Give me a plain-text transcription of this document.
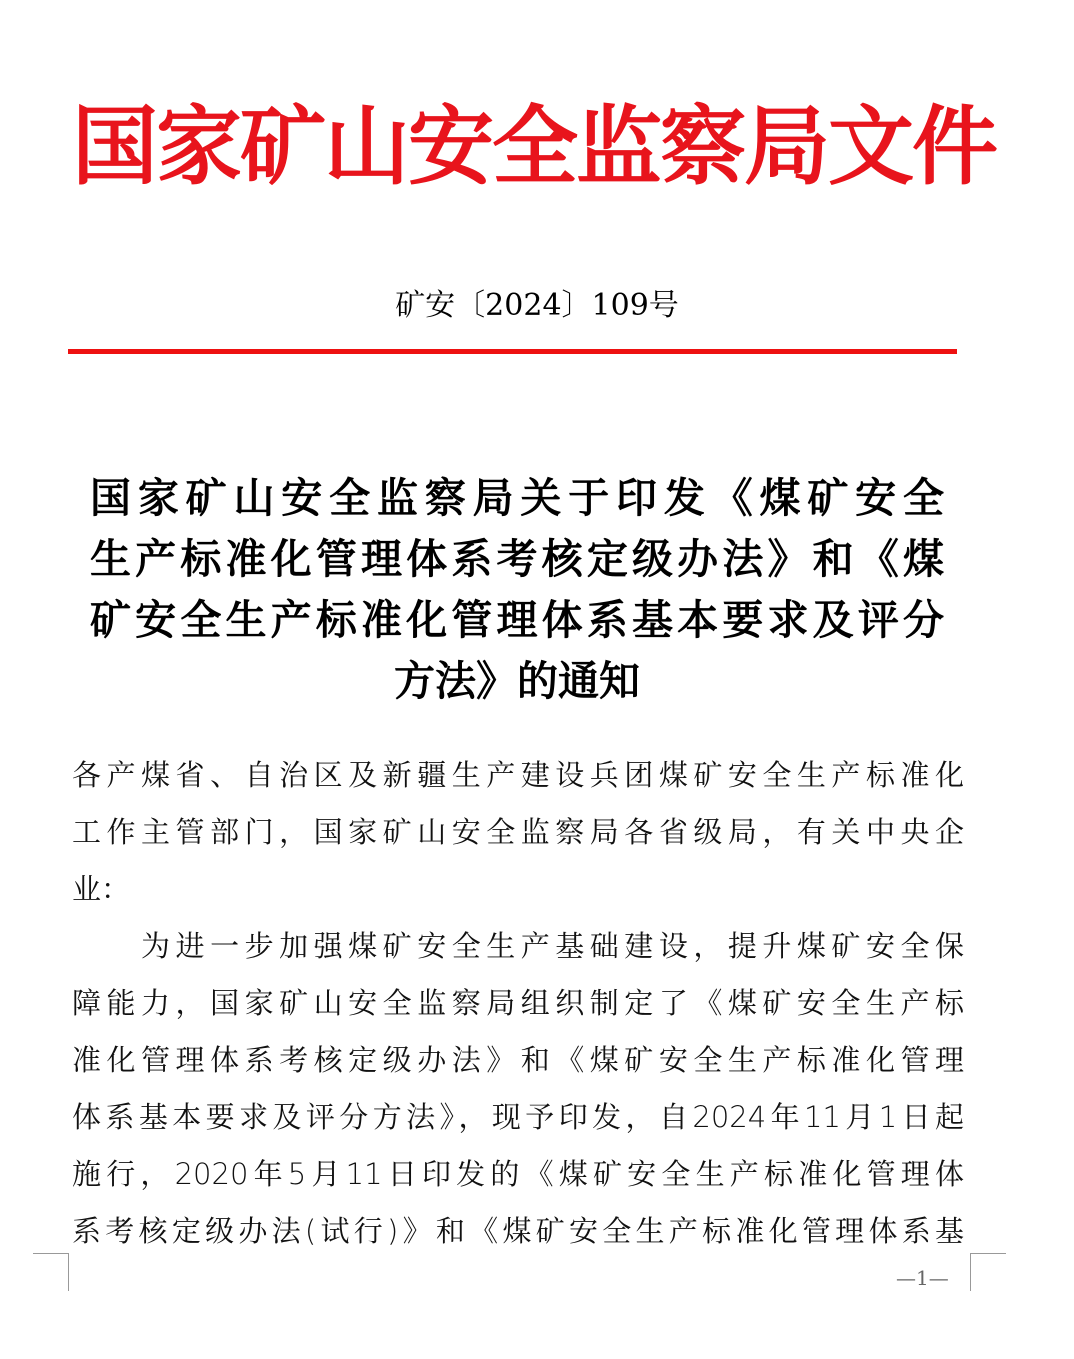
国家矿山安全监察局文件
矿安〔2024〕109号
国家矿山安全监察局关于印发《煤矿安全
生产标准化管理体系考核定级办法》和《煤
矿安全生产标准化管理体系基本要求及评分
方法》的通知
各产煤省、自治区及新疆生产建设兵团煤矿安全生产标准化
工作主管部门，国家矿山安全监察局各省级局，有关中央企
业：
　　为进一步加强煤矿安全生产基础建设，提升煤矿安全保
障能力，国家矿山安全监察局组织制定了《煤矿安全生产标
准化管理体系考核定级办法》和《煤矿安全生产标准化管理
体系基本要求及评分方法》，现予印发，自2024年11月1日起
施行，2020年5月11日印发的《煤矿安全生产标准化管理体
系考核定级办法(试行)》和《煤矿安全生产标准化管理体系基
—1—
